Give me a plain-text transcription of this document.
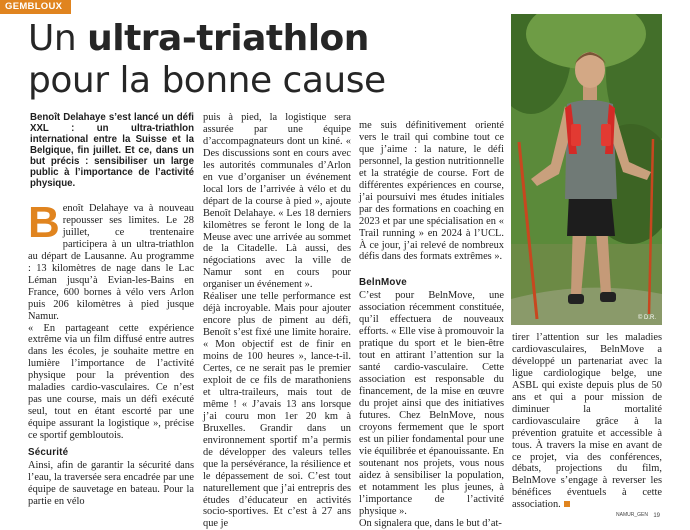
GEMBLOUX
Un ultra-triathlon
pour la bonne cause

Benoît Delahaye s’est lancé un défi XXL : un ultra-triathlon international entre la Suisse et la Belgique, fin juillet. Et ce, dans un but précis : sensibiliser un large public à l’importance de l’activité physique.

Benoît Delahaye va à nouveau repousser ses limites. Le 28 juillet, ce trentenaire participera à un ultra-triathlon au départ de Lausanne. Au programme : 13 kilomètres de nage dans le Lac Léman jusqu’à Evian-les-Bains en France, 600 bornes à vélo vers Arlon puis 206 kilomètres à pied jusque Namur.

« En partageant cette expérience extrême via un film diffusé entre autres dans les écoles, je souhaite mettre en lumière l’importance de l’activité physique pour la prévention des maladies cardio-vasculaires. Ce n’est pas une course, mais un défi exécuté seul, tout en étant escorté par une équipe assurant la logistique », précise ce sportif gembloutois.

Sécurité

Ainsi, afin de garantir la sécurité dans l’eau, la traversée sera encadrée par une équipe de sauvetage en bateau. Pour la partie en vélo

puis à pied, la logistique sera assurée par une équipe d’accompagnateurs dont un kiné. « Des discussions sont en cours avec les autorités communales d’Arlon en vue d’organiser un événement local lors de l’arrivée à vélo et du départ de la course à pied », ajoute Benoît Delahaye. « Les 18 derniers kilomètres se feront le long de la Meuse avec une arrivée au sommet de la Citadelle. Là aussi, des négociations avec la ville de Namur sont en cours pour organiser un événement ».

Réaliser une telle performance est déjà incroyable. Mais pour ajouter encore plus de piment au défi, Benoît s’est fixé une limite horaire. « Mon objectif est de finir en moins de 100 heures », lance-t-il. Certes, ce ne serait pas le premier exploit de ce fils de marathoniens et ultra-traileurs, mais tout de même ! « J’avais 13 ans lorsque j’ai couru mon 1er 20 km à Bruxelles. Grandir dans un environnement sportif m’a permis de développer des valeurs telles que la persévérance, la résilience et le dépassement de soi. C’est tout naturellement que j’ai entrepris des études d’éducateur en activités socio-sportives. Et c’est à 27 ans que je

me suis définitivement orienté vers le trail qui combine tout ce que j’aime : la nature, le défi personnel, la gestion nutritionnelle et la stratégie de course. Fort de différentes expériences en course, j’ai poursuivi mes études initiales par des formations en coaching en 2023 et par une spécialisation en « Trail running » en 2024 à l’UCL. À ce jour, j’ai relevé de nombreux défis dans des formats extrêmes ».

BelnMove

C’est pour BelnMove, une association récemment constituée, qu’il effectuera de nouveaux efforts. « Elle vise à promouvoir la pratique du sport et le bien-être tout en attirant l’attention sur la santé cardio-vasculaire. Cette association est responsable du financement, de la mise en œuvre du projet ainsi que des initiatives futures. Chez BelnMove, nous croyons fermement que le sport est un pilier fondamental pour une vie équilibrée et épanouissante. En soutenant nos projets, vous nous aidez à sensibiliser la population, et notamment les plus jeunes, à l’importance de l’activité physique ».

On signalera que, dans le but d’at-

© D.R.

tirer l’attention sur les maladies cardiovasculaires, BelnMove a développé un partenariat avec la ligue cardiologique belge, une ASBL qui existe depuis plus de 50 ans et qui a pour mission de diminuer la mortalité cardiovasculaire grâce à la prévention gratuite et accessible à tous. À travers la mise en avant de ce projet, via des conférences, débats, projections du film, BelnMove s’engage à reverser les bénéfices éventuels à cette association.

NAMUR_GEN 19
